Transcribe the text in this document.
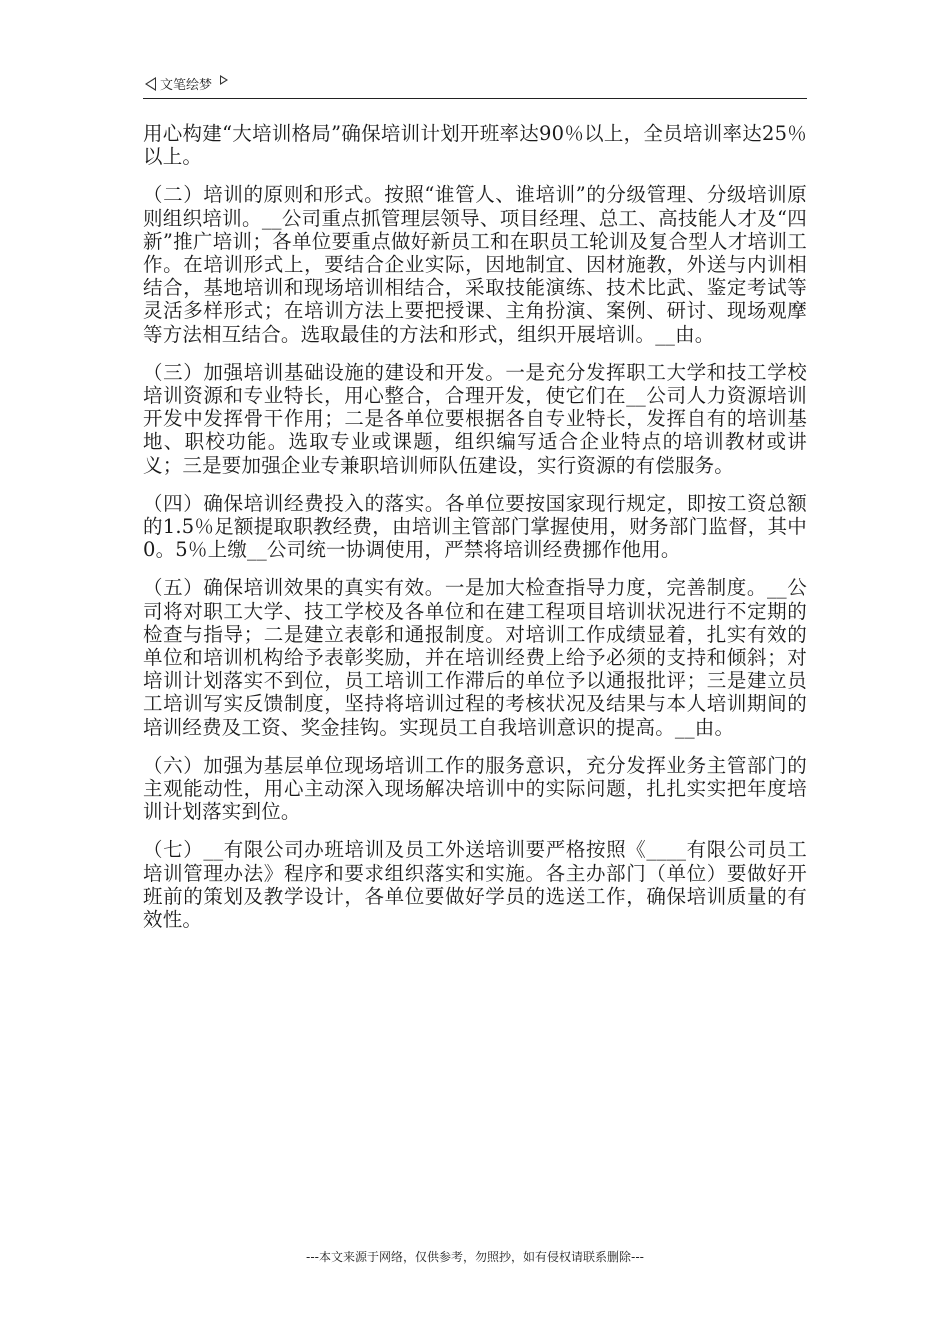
文笔绘梦

用心构建“大培训格局”确保培训计划开班率达90％以上，全员培训率达25％以上。

（二）培训的原则和形式。按照“谁管人、谁培训”的分级管理、分级培训原则组织培训。__公司重点抓管理层领导、项目经理、总工、高技能人才及“四新”推广培训；各单位要重点做好新员工和在职员工轮训及复合型人才培训工作。在培训形式上，要结合企业实际，因地制宜、因材施教，外送与内训相结合，基地培训和现场培训相结合，采取技能演练、技术比武、鉴定考试等灵活多样形式；在培训方法上要把授课、主角扮演、案例、研讨、现场观摩等方法相互结合。选取最佳的方法和形式，组织开展培训。__由。

（三）加强培训基础设施的建设和开发。一是充分发挥职工大学和技工学校培训资源和专业特长，用心整合，合理开发，使它们在__公司人力资源培训开发中发挥骨干作用；二是各单位要根据各自专业特长，发挥自有的培训基地、职校功能。选取专业或课题，组织编写适合企业特点的培训教材或讲义；三是要加强企业专兼职培训师队伍建设，实行资源的有偿服务。

（四）确保培训经费投入的落实。各单位要按国家现行规定，即按工资总额的1.5％足额提取职教经费，由培训主管部门掌握使用，财务部门监督，其中0。5％上缴__公司统一协调使用，严禁将培训经费挪作他用。

（五）确保培训效果的真实有效。一是加大检查指导力度，完善制度。__公司将对职工大学、技工学校及各单位和在建工程项目培训状况进行不定期的检查与指导；二是建立表彰和通报制度。对培训工作成绩显着，扎实有效的单位和培训机构给予表彰奖励，并在培训经费上给予必须的支持和倾斜；对培训计划落实不到位，员工培训工作滞后的单位予以通报批评；三是建立员工培训写实反馈制度，坚持将培训过程的考核状况及结果与本人培训期间的培训经费及工资、奖金挂钩。实现员工自我培训意识的提高。__由。

（六）加强为基层单位现场培训工作的服务意识，充分发挥业务主管部门的主观能动性，用心主动深入现场解决培训中的实际问题，扎扎实实把年度培训计划落实到位。

（七）__有限公司办班培训及员工外送培训要严格按照《____有限公司员工培训管理办法》程序和要求组织落实和实施。各主办部门（单位）要做好开班前的策划及教学设计，各单位要做好学员的选送工作，确保培训质量的有效性。

---本文来源于网络，仅供参考，勿照抄，如有侵权请联系删除---
